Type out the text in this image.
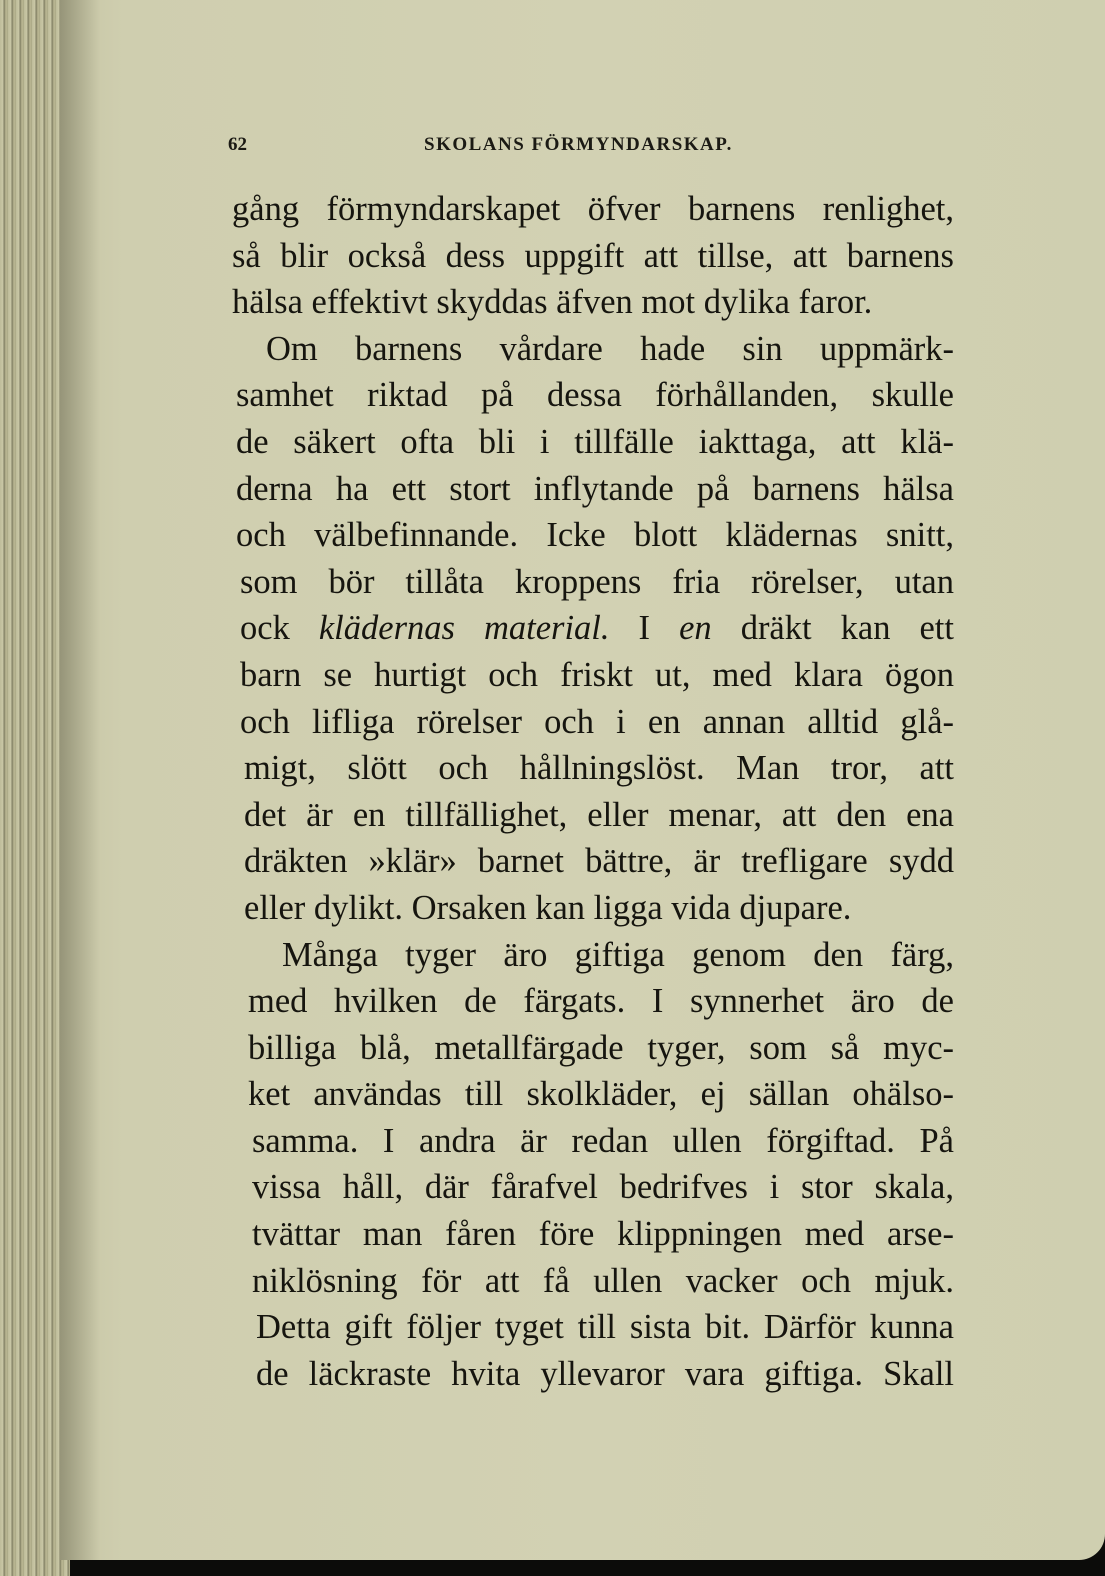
62	SKOLANS FÖRMYNDARSKAP.
gång förmyndarskapet öfver barnens renlighet,
så blir också dess uppgift att tillse, att barnens
hälsa effektivt skyddas äfven mot dylika faror.
Om barnens vårdare hade sin uppmärk-
samhet riktad på dessa förhållanden, skulle
de säkert ofta bli i tillfälle iakttaga, att klä-
derna ha ett stort inflytande på barnens hälsa
och välbefinnande. Icke blott klädernas snitt,
som bör tillåta kroppens fria rörelser, utan
ock klädernas material. I en dräkt kan ett
barn se hurtigt och friskt ut, med klara ögon
och lifliga rörelser och i en annan alltid glå-
migt, slött och hållningslöst. Man tror, att
det är en tillfällighet, eller menar, att den ena
dräkten »klär» barnet bättre, är trefligare sydd
eller dylikt. Orsaken kan ligga vida djupare.
Många tyger äro giftiga genom den färg,
med hvilken de färgats. I synnerhet äro de
billiga blå, metallfärgade tyger, som så myc-
ket användas till skolkläder, ej sällan ohälso-
samma. I andra är redan ullen förgiftad. På
vissa håll, där fårafvel bedrifves i stor skala,
tvättar man fåren före klippningen med arse-
niklösning för att få ullen vacker och mjuk.
Detta gift följer tyget till sista bit. Därför kunna
de läckraste hvita yllevaror vara giftiga. Skall
